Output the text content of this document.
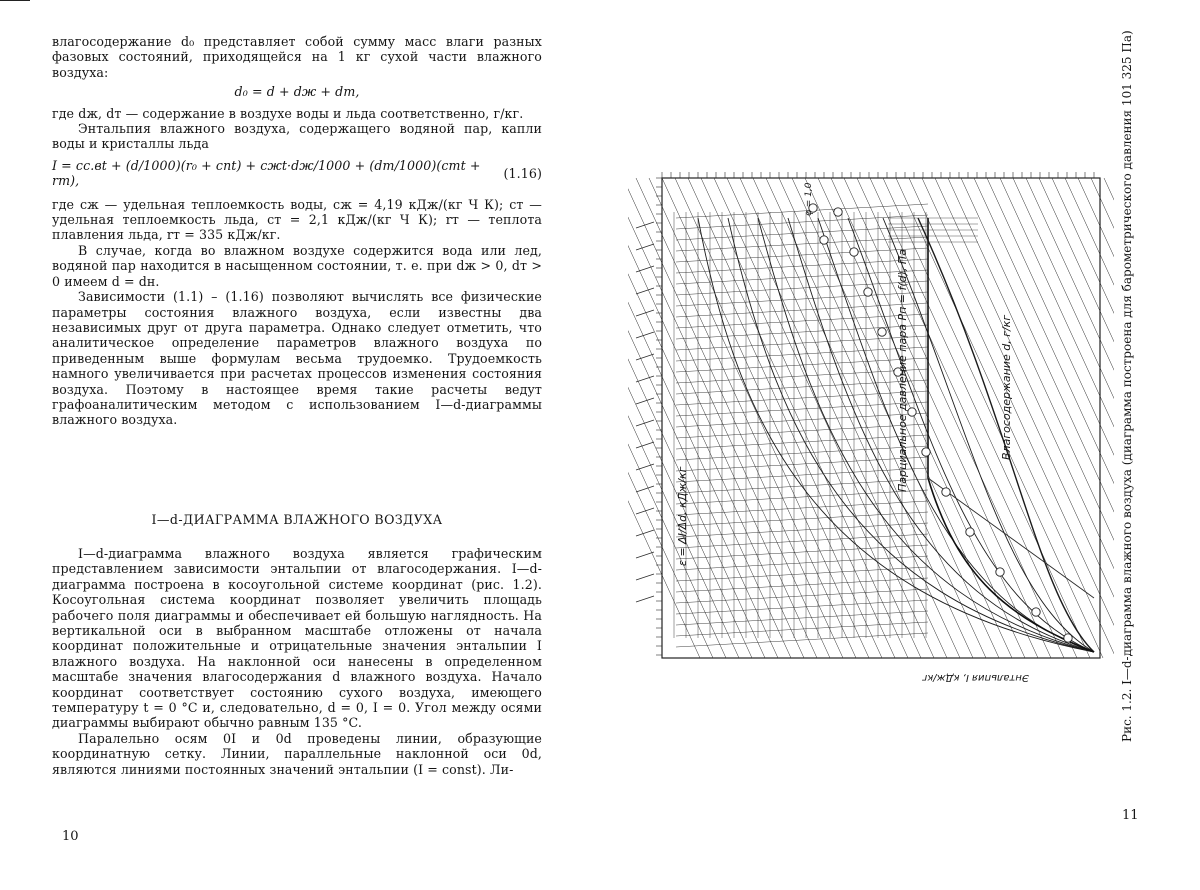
влагосодержание d₀ представляет собой сумму масс влаги разных фазовых состояний, приходящейся на 1 кг сухой части влажного воздуха:

d₀ = d + dж + dт,

где dж, dт — содержание в воздухе воды и льда соответственно, г/кг.

Энтальпия влажного воздуха, содержащего водяной пар, капли воды и кристаллы льда

I = cс.вt + (d/1000)(r₀ + cпt) + cжt·dж/1000 + (dт/1000)(cтt + rт),
(1.16)

где cж — удельная теплоемкость воды, cж = 4,19 кДж/(кг Ч К); cт — удельная теплоемкость льда, cт = 2,1 кДж/(кг Ч К); rт — теплота плавления льда, rт = 335 кДж/кг.

В случае, когда во влажном воздухе содержится вода или лед, водяной пар находится в насыщенном состоянии, т. е. при dж > 0, dт > 0 имеем d = dн.

Зависимости (1.1) – (1.16) позволяют вычислять все физические параметры состояния влажного воздуха, если известны два независимых друг от друга параметра. Однако следует отметить, что аналитическое определение параметров влажного воздуха по приведенным выше формулам весьма трудоемко. Трудоемкость намного увеличивается при расчетах процессов изменения состояния воздуха. Поэтому в настоящее время такие расчеты ведут графоаналитическим методом с использованием I—d-диаграммы влажного воздуха.

I—d-ДИАГРАММА ВЛАЖНОГО ВОЗДУХА

I—d-диаграмма влажного воздуха является графическим представлением зависимости энтальпии от влагосодержания. I—d-диаграмма построена в косоугольной системе координат (рис. 1.2). Косоугольная система координат позволяет увеличить площадь рабочего поля диаграммы и обеспечивает ей большую наглядность. На вертикальной оси в выбранном масштабе отложены от начала координат положительные и отрицательные значения энтальпии I влажного воздуха. На наклонной оси нанесены в определенном масштабе значения влагосодержания d влажного воздуха. Начало координат соответствует состоянию сухого воздуха, имеющего температуру t = 0 °C и, следовательно, d = 0, I = 0. Угол между осями диаграммы выбирают обычно равным 135 °C.

Паралельно осям 0I и 0d проведены линии, образующие координатную сетку. Линии, параллельные наклонной оси 0d, являются линиями постоянных значений энтальпии (I = const). Ли-

10
Парциальное давление пара Pп = f(d), Па	Влагосодержание d, г/кг
ε = ΔI/Δd, кДж/кг
φ = 1,0
Энтальпия I, кДж/кг	Рис. 1.2. I—d-диаграмма влажного воздуха (диаграмма построена для барометрического давления 101 325 Па)
11
